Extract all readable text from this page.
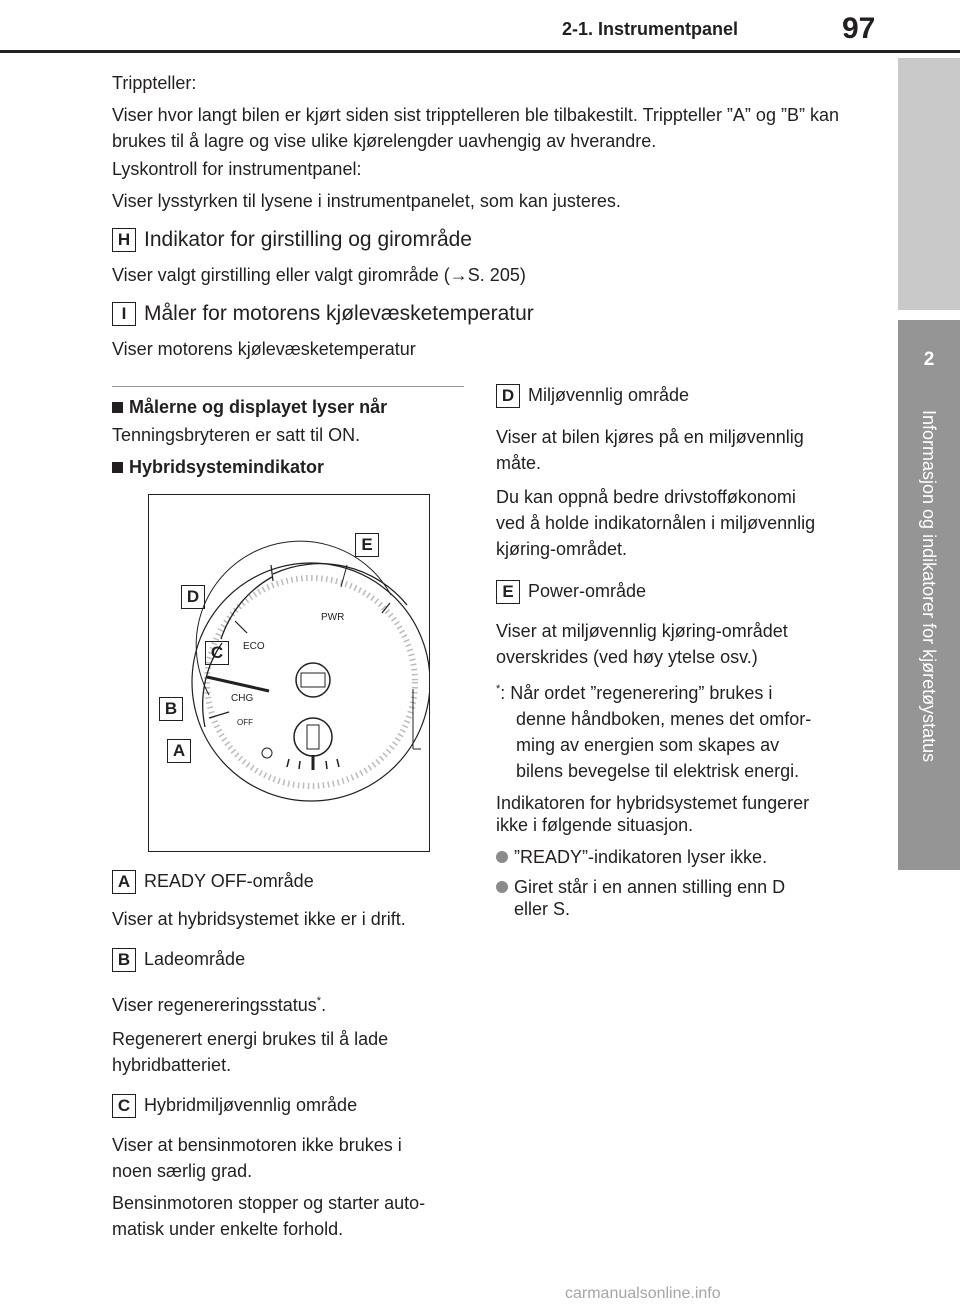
2-1. Instrumentpanel	97
2
Informasjon og indikatorer for kjøretøystatus

Trippteller:

Viser hvor langt bilen er kjørt siden sist tripptelleren ble tilbakestilt. Trippteller ”A” og ”B” kan brukes til å lagre og vise ulike kjørelengder uavhengig av hverandre.

Lyskontroll for instrumentpanel:

Viser lysstyrken til lysene i instrumentpanelet, som kan justeres.

H Indikator for girstilling og girområde

Viser valgt girstilling eller valgt girområde (→S. 205)

I Måler for motorens kjølevæsketemperatur

Viser motorens kjølevæsketemperatur

Målerne og displayet lyser når

Tenningsbryteren er satt til ON.

Hybridsystemindikator

PWR
ECO
CHG
OFF
E
D
C
B
A
A READY OFF-område

Viser at hybridsystemet ikke er i drift.

B Ladeområde

Viser regenereringsstatus*.

Regenerert energi brukes til å lade
hybridbatteriet.

C Hybridmiljøvennlig område

Viser at bensinmotoren ikke brukes i
noen særlig grad.

Bensinmotoren stopper og starter auto-
matisk under enkelte forhold.

D Miljøvennlig område

Viser at bilen kjøres på en miljøvennlig
måte.

Du kan oppnå bedre drivstofføkonomi
ved å holde indikatornålen i miljøvennlig
kjøring-området.

E Power-område

Viser at miljøvennlig kjøring-området
overskrides (ved høy ytelse osv.)

*: Når ordet ”regenerering” brukes i
denne håndboken, menes det omfor-
ming av energien som skapes av
bilens bevegelse til elektrisk energi.

Indikatoren for hybridsystemet fungerer
ikke i følgende situasjon.

”READY”-indikatoren lyser ikke.

Giret står i en annen stilling enn D
eller S.

carmanualsonline.info
